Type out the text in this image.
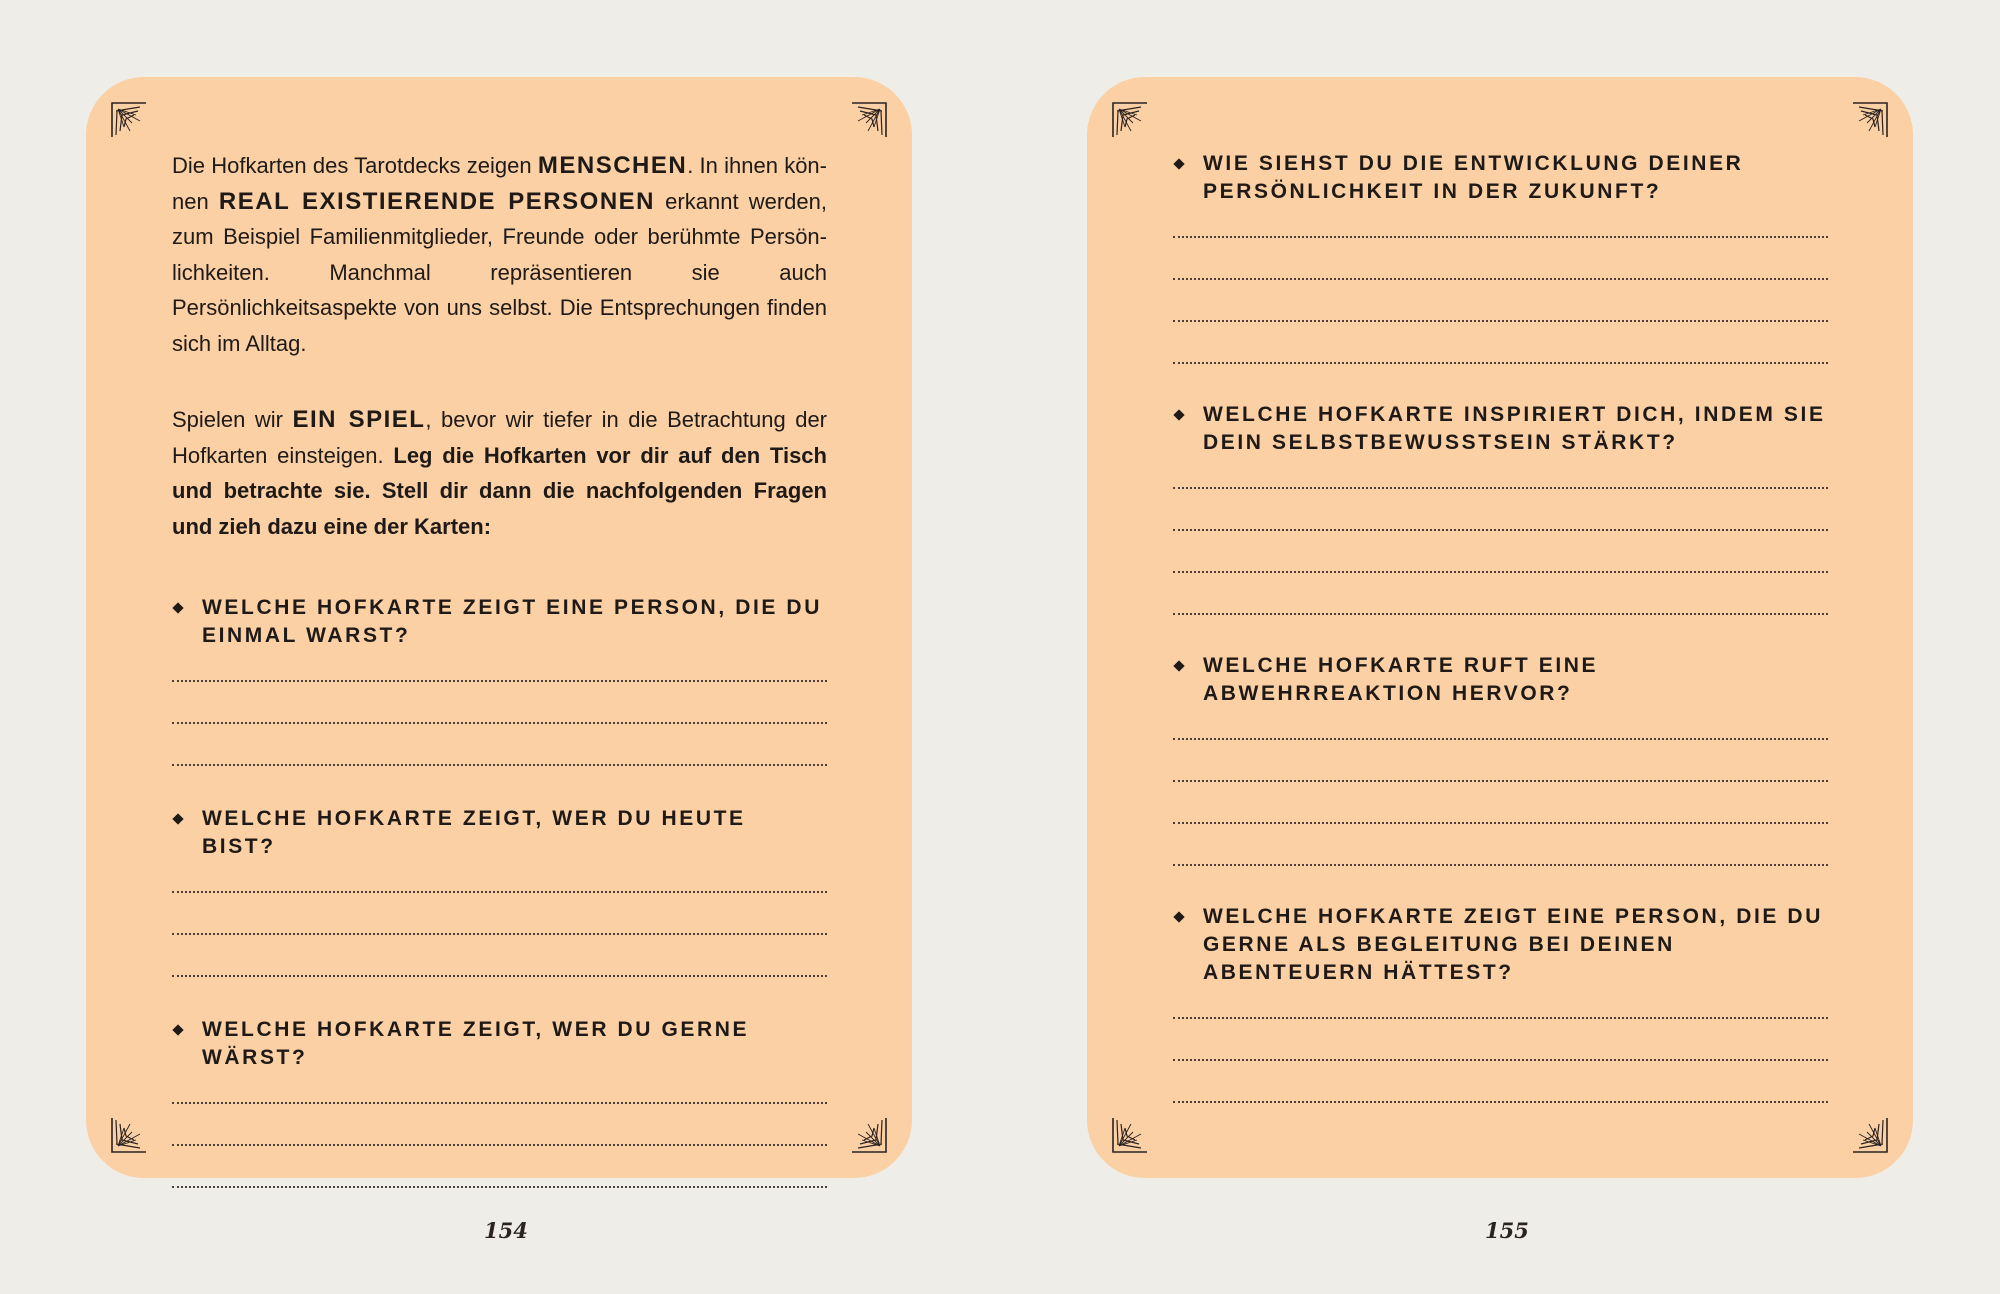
Die Hofkarten des Tarotdecks zeigen MENSCHEN. In ihnen kön-nen REAL EXISTIERENDE PERSONEN erkannt werden, zum Beispiel Familienmitglieder, Freunde oder berühmte Persön-lichkeiten. Manchmal repräsentieren sie auch Persönlichkeitsaspekte von uns selbst. Die Entsprechungen finden sich im Alltag.

Spielen wir EIN SPIEL, bevor wir tiefer in die Betrachtung der Hofkarten einsteigen. Leg die Hofkarten vor dir auf den Tisch und betrachte sie. Stell dir dann die nachfolgenden Fragen und zieh dazu eine der Karten:

WELCHE HOFKARTE ZEIGT EINE PERSON, DIE DU EINMAL WARST?

WELCHE HOFKARTE ZEIGT, WER DU HEUTE BIST?

WELCHE HOFKARTE ZEIGT, WER DU GERNE WÄRST?

WIE SIEHST DU DIE ENTWICKLUNG DEINER PERSÖNLICHKEIT IN DER ZUKUNFT?

WELCHE HOFKARTE INSPIRIERT DICH, INDEM SIE DEIN SELBSTBEWUSSTSEIN STÄRKT?

WELCHE HOFKARTE RUFT EINE ABWEHRREAKTION HERVOR?

WELCHE HOFKARTE ZEIGT EINE PERSON, DIE DU GERNE ALS BEGLEITUNG BEI DEINEN ABENTEUERN HÄTTEST?

154	155
